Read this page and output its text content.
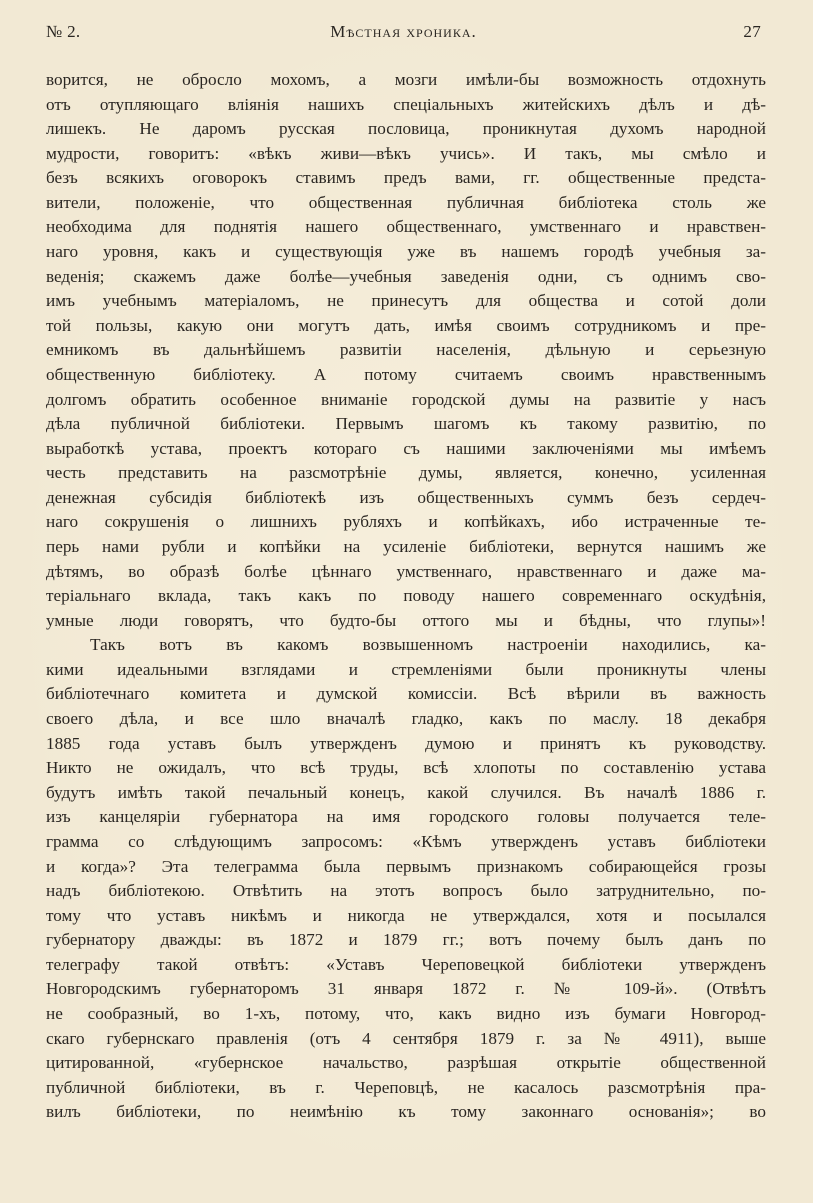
№ 2.	Мѣстная хроника.	27
ворится, не обросло мохомъ, а мозги имѣли-бы возможность отдохнуть
отъ отупляющаго вліянія нашихъ спеціальныхъ житейскихъ дѣлъ и дѣ-
лишекъ. Не даромъ русская пословица, проникнутая духомъ народной
мудрости, говоритъ: «вѣкъ живи—вѣкъ учись». И такъ, мы смѣло и
безъ всякихъ оговорокъ ставимъ предъ вами, гг. общественные предста-
вители, положеніе, что общественная публичная библіотека столь же
необходима для поднятія нашего общественнаго, умственнаго и нравствен-
наго уровня, какъ и существующія уже въ нашемъ городѣ учебныя за-
веденія; скажемъ даже болѣе—учебныя заведенія одни, съ однимъ сво-
имъ учебнымъ матеріаломъ, не принесутъ для общества и сотой доли
той пользы, какую они могутъ дать, имѣя своимъ сотрудникомъ и пре-
емникомъ въ дальнѣйшемъ развитіи населенія, дѣльную и серьезную
общественную библіотеку. А потому считаемъ своимъ нравственнымъ
долгомъ обратить особенное вниманіе городской думы на развитіе у насъ
дѣла публичной библіотеки. Первымъ шагомъ къ такому развитію, по
выработкѣ устава, проектъ котораго съ нашими заключеніями мы имѣемъ
честь представить на разсмотрѣніе думы, является, конечно, усиленная
денежная субсидія библіотекѣ изъ общественныхъ суммъ безъ сердеч-
наго сокрушенія о лишнихъ рубляхъ и копѣйкахъ, ибо истраченные те-
перь нами рубли и копѣйки на усиленіе библіотеки, вернутся нашимъ же
дѣтямъ, во образѣ болѣе цѣннаго умственнаго, нравственнаго и даже ма-
теріальнаго вклада, такъ какъ по поводу нашего современнаго оскудѣнія,
умные люди говорятъ, что будто-бы оттого мы и бѣдны, что глупы»!
Такъ вотъ въ какомъ возвышенномъ настроеніи находились, ка-
кими идеальными взглядами и стремленіями были проникнуты члены
библіотечнаго комитета и думской комиссіи. Всѣ вѣрили въ важность
своего дѣла, и все шло вначалѣ гладко, какъ по маслу. 18 декабря
1885 года уставъ былъ утвержденъ думою и принятъ къ руководству.
Никто не ожидалъ, что всѣ труды, всѣ хлопоты по составленію устава
будутъ имѣть такой печальный конецъ, какой случился. Въ началѣ 1886 г.
изъ канцеляріи губернатора на имя городского головы получается теле-
грамма со слѣдующимъ запросомъ: «Кѣмъ утвержденъ уставъ библіотеки
и когда»? Эта телеграмма была первымъ признакомъ собирающейся грозы
надъ библіотекою. Отвѣтить на этотъ вопросъ было затруднительно, по-
тому что уставъ никѣмъ и никогда не утверждался, хотя и посылался
губернатору дважды: въ 1872 и 1879 гг.; вотъ почему былъ данъ по
телеграфу такой отвѣтъ: «Уставъ Череповецкой библіотеки утвержденъ
Новгородскимъ губернаторомъ 31 января 1872 г. № 109-й». (Отвѣтъ
не сообразный, во 1-хъ, потому, что, какъ видно изъ бумаги Новгород-
скаго губернскаго правленія (отъ 4 сентября 1879 г. за № 4911), выше
цитированной, «губернское начальство, разрѣшая открытіе общественной
публичной библіотеки, въ г. Череповцѣ, не касалось разсмотрѣнія пра-
вилъ библіотеки, по неимѣнію къ тому законнаго основанія»; во
